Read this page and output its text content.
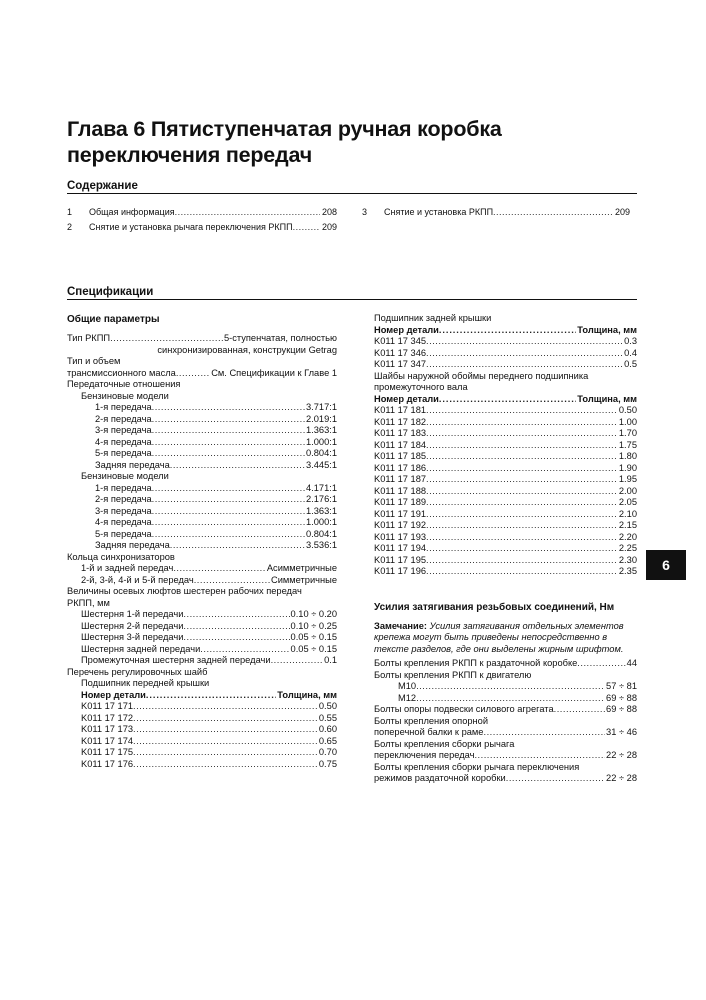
Глава 6 Пятиступенчатая ручная коробка переключения передач
Содержание
1	Общая информация .....	208
2	Снятие и установка рычага переключения РКПП .....	209
3	Снятие и установка РКПП .....	209
Спецификации
Общие параметры
Тип РКПП .....	5-ступенчатая, полностью
синхронизированная, конструкции Getrag
Тип и объем
трансмиссионного масла .....	См. Спецификации к Главе 1
Передаточные отношения
Бензиновые модели
1-я передача .....	3.717:1
2-я передача .....	2.019:1
3-я передача .....	1.363:1
4-я передача .....	1.000:1
5-я передача .....	0.804:1
Задняя передача .....	3.445:1
Бензиновые модели
1-я передача .....	4.171:1
2-я передача .....	2.176:1
3-я передача .....	1.363:1
4-я передача .....	1.000:1
5-я передача .....	0.804:1
Задняя передача .....	3.536:1
Кольца синхронизаторов
1-й и задней передач .....	Асимметричные
2-й, 3-й, 4-й и 5-й передач .....	Симметричные
Величины осевых люфтов шестерен рабочих передач
РКПП, мм
Шестерня 1-й передачи .....	0.10 ÷ 0.20
Шестерня 2-й передачи .....	0.10 ÷ 0.25
Шестерня 3-й передачи .....	0.05 ÷ 0.15
Шестерня задней передачи .....	0.05 ÷ 0.15
Промежуточная шестерня задней передачи .....	0.1
Перечень регулировочных шайб
Подшипник передней крышки
Номер детали .....	Толщина, мм
K011 17 171 .....	0.50
K011 17 172 .....	0.55
K011 17 173 .....	0.60
K011 17 174 .....	0.65
K011 17 175 .....	0.70
K011 17 176 .....	0.75
Подшипник задней крышки
Номер детали .....	Толщина, мм
K011 17 345 .....	0.3
K011 17 346 .....	0.4
K011 17 347 .....	0.5
Шайбы наружной обоймы переднего подшипника
промежуточного вала
Номер детали .....	Толщина, мм
K011 17 181 .....	0.50
K011 17 182 .....	1.00
K011 17 183 .....	1.70
K011 17 184 .....	1.75
K011 17 185 .....	1.80
K011 17 186 .....	1.90
K011 17 187 .....	1.95
K011 17 188 .....	2.00
K011 17 189 .....	2.05
K011 17 191 .....	2.10
K011 17 192 .....	2.15
K011 17 193 .....	2.20
K011 17 194 .....	2.25
K011 17 195 .....	2.30
K011 17 196 .....	2.35
Усилия затягивания резьбовых соединений, Нм
Замечание: Усилия затягивания отдельных элементов крепежа могут быть приведены непосредственно в тексте разделов, где они выделены жирным шрифтом.
Болты крепления РКПП к раздаточной коробке .....	44
Болты крепления РКПП к двигателю
M10 .....	57 ÷ 81
M12 .....	69 ÷ 88
Болты опоры подвески силового агрегата .....	69 ÷ 88
Болты крепления опорной
поперечной балки к раме .....	31 ÷ 46
Болты крепления сборки рычага
переключения передач .....	22 ÷ 28
Болты крепления сборки рычага переключения
режимов раздаточной коробки .....	22 ÷ 28
6
